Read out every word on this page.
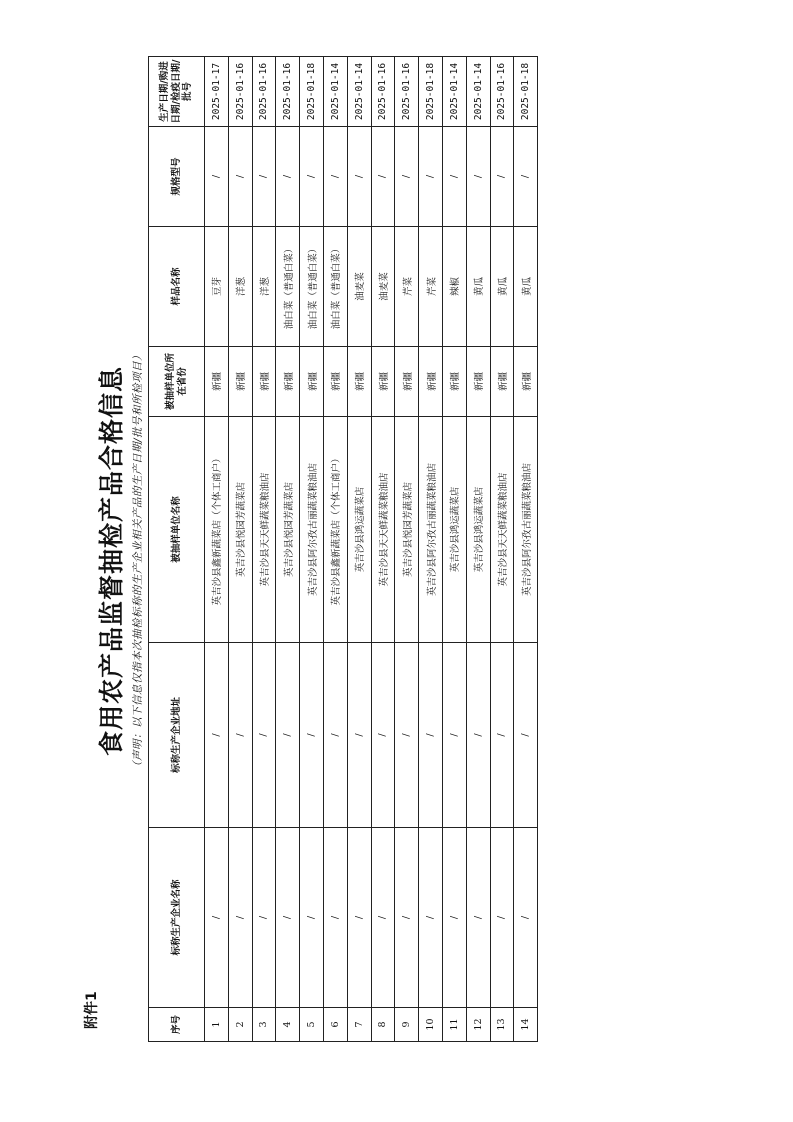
附件1
食用农产品监督抽检产品合格信息 （声明：以下信息仅指本次抽检标称的生产企业相关产品的生产日期/批号和所检项目）
序号	标称生产企业名称	标称生产企业地址	被抽样单位名称	被抽样单位所在省份	样品名称	规格型号	生产日期/购进日期/检疫日期/批号
1	/	/	英吉沙县鑫新蔬菜店（个体工商户）	新疆	豆芽	/	2025-01-17
2	/	/	英吉沙县悦园芳蔬菜店	新疆	洋葱	/	2025-01-16
3	/	/	英吉沙县天天鲜蔬菜粮油店	新疆	洋葱	/	2025-01-16
4	/	/	英吉沙县悦园芳蔬菜店	新疆	油白菜（普通白菜）	/	2025-01-16
5	/	/	英吉沙县阿尔孜古丽蔬菜粮油店	新疆	油白菜（普通白菜）	/	2025-01-18
6	/	/	英吉沙县鑫新蔬菜店（个体工商户）	新疆	油白菜（普通白菜）	/	2025-01-14
7	/	/	英吉沙县鸿运蔬菜店	新疆	油麦菜	/	2025-01-14
8	/	/	英吉沙县天天鲜蔬菜粮油店	新疆	油麦菜	/	2025-01-16
9	/	/	英吉沙县悦园芳蔬菜店	新疆	芹菜	/	2025-01-16
10	/	/	英吉沙县阿尔孜古丽蔬菜粮油店	新疆	芹菜	/	2025-01-18
11	/	/	英吉沙县鸿运蔬菜店	新疆	辣椒	/	2025-01-14
12	/	/	英吉沙县鸿运蔬菜店	新疆	黄瓜	/	2025-01-14
13	/	/	英吉沙县天天鲜蔬菜粮油店	新疆	黄瓜	/	2025-01-16
14	/	/	英吉沙县阿尔孜古丽蔬菜粮油店	新疆	黄瓜	/	2025-01-18
